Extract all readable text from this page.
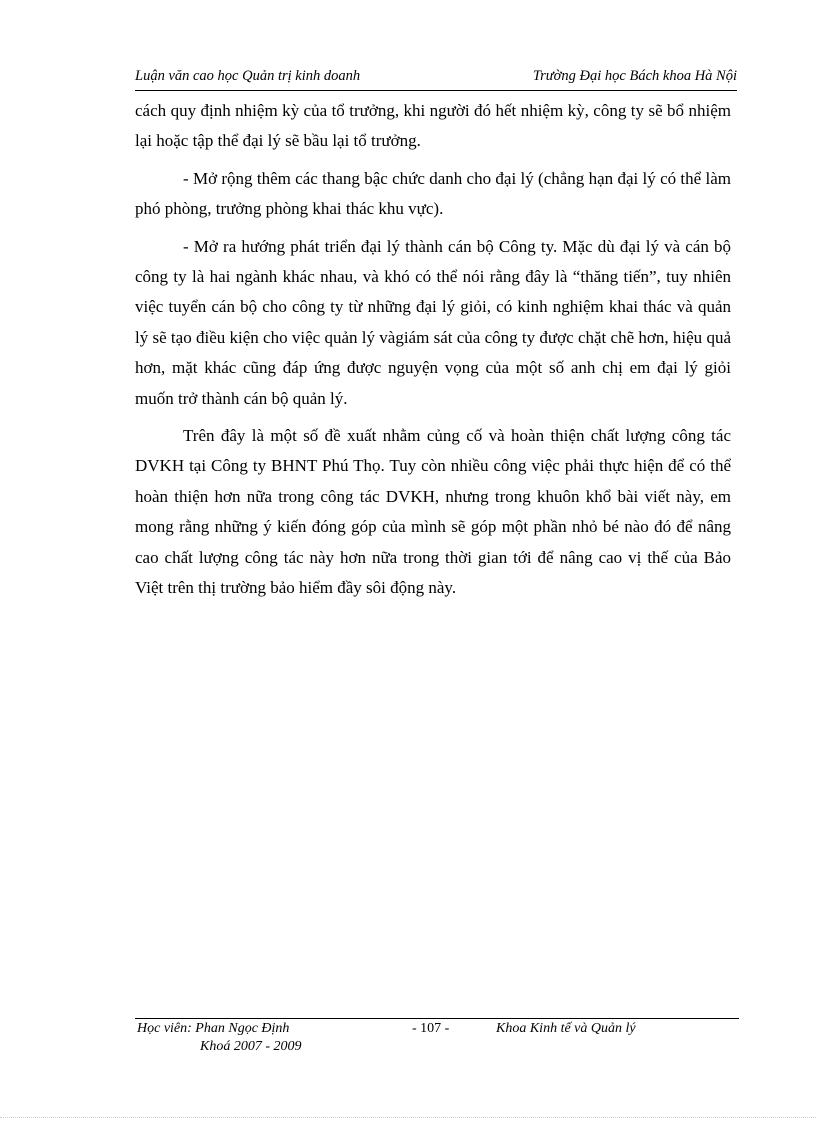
Luận văn cao học Quản trị kinh doanh	Trường Đại học Bách khoa Hà Nội

cách quy định nhiệm kỳ của tổ trưởng, khi người đó hết nhiệm kỳ, công ty sẽ bổ nhiệm lại hoặc tập thể đại lý sẽ bầu lại tổ trưởng.

- Mở rộng thêm các thang bậc chức danh cho đại lý (chẳng hạn đại lý có thể làm phó phòng, trưởng phòng khai thác khu vực).

- Mở ra hướng phát triển đại lý thành cán bộ Công ty. Mặc dù đại lý và cán bộ công ty là hai ngành khác nhau, và khó có thể nói rằng đây là “thăng tiến”, tuy nhiên việc tuyển cán bộ cho công ty từ những đại lý giỏi, có kinh nghiệm khai thác và quản lý sẽ tạo điều kiện cho việc quản lý vàgiám sát của công ty được chặt chẽ hơn, hiệu quả hơn, mặt khác cũng đáp ứng được nguyện vọng của một số anh chị em đại lý giỏi muốn trở thành cán bộ quản lý.

Trên đây là một số đề xuất nhằm củng cố và hoàn thiện chất lượng công tác DVKH tại Công ty BHNT Phú Thọ. Tuy còn nhiều công việc phải thực hiện để có thể hoàn thiện hơn nữa trong công tác DVKH, nhưng trong khuôn khổ bài viết này, em mong rằng những ý kiến đóng góp của mình sẽ góp một phần nhỏ bé nào đó để nâng cao chất lượng công tác này hơn nữa trong thời gian tới để nâng cao vị thế của Bảo Việt trên thị trường bảo hiểm đầy sôi động này.

Học viên: Phan Ngọc Định
Khoá 2007 - 2009
- 107 -	Khoa Kinh tế và Quản lý
